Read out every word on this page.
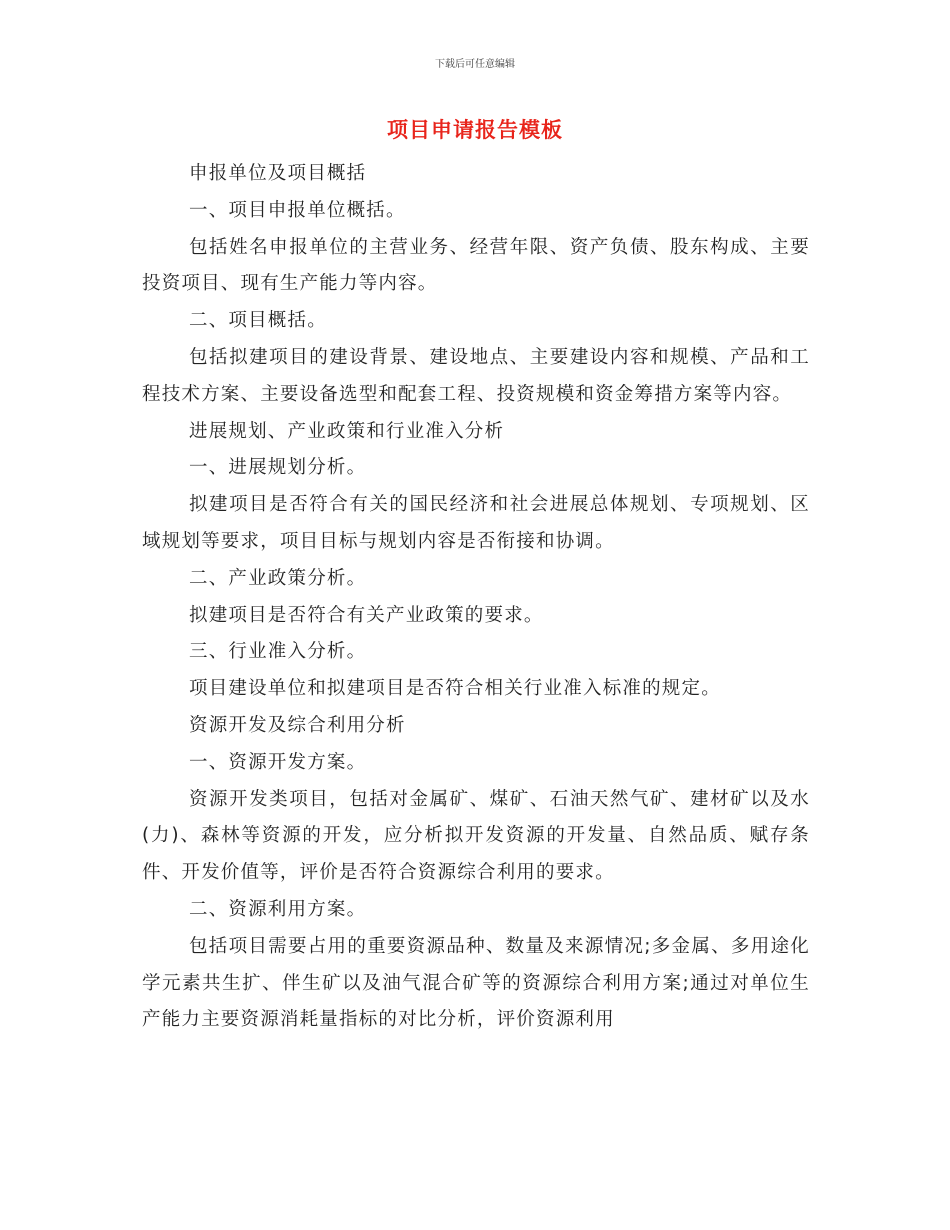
下载后可任意编辑
项目申请报告模板

申报单位及项目概括

一、项目申报单位概括。

包括姓名申报单位的主营业务、经营年限、资产负债、股东构成、主要投资项目、现有生产能力等内容。

二、项目概括。

包括拟建项目的建设背景、建设地点、主要建设内容和规模、产品和工程技术方案、主要设备选型和配套工程、投资规模和资金筹措方案等内容。

进展规划、产业政策和行业准入分析

一、进展规划分析。

拟建项目是否符合有关的国民经济和社会进展总体规划、专项规划、区域规划等要求，项目目标与规划内容是否衔接和协调。

二、产业政策分析。

拟建项目是否符合有关产业政策的要求。

三、行业准入分析。

项目建设单位和拟建项目是否符合相关行业准入标准的规定。

资源开发及综合利用分析

一、资源开发方案。

资源开发类项目，包括对金属矿、煤矿、石油天然气矿、建材矿以及水(力)、森林等资源的开发，应分析拟开发资源的开发量、自然品质、赋存条件、开发价值等，评价是否符合资源综合利用的要求。

二、资源利用方案。

包括项目需要占用的重要资源品种、数量及来源情况;多金属、多用途化学元素共生扩、伴生矿以及油气混合矿等的资源综合利用方案;通过对单位生产能力主要资源消耗量指标的对比分析，评价资源利用
